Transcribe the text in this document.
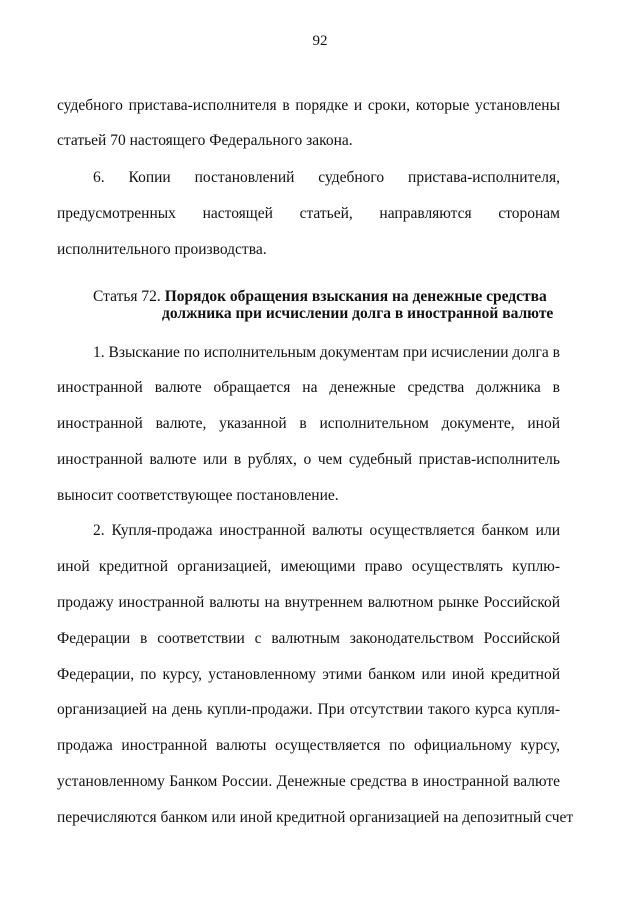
92
судебного пристава-исполнителя в порядке и сроки, которые установлены
статьей 70 настоящего Федерального закона.
6. Копии постановлений судебного пристава-исполнителя,
предусмотренных настоящей статьей, направляются сторонам
исполнительного производства.
Статья 72. Порядок обращения взыскания на денежные средства
должника при исчислении долга в иностранной валюте
1. Взыскание по исполнительным документам при исчислении долга в
иностранной валюте обращается на денежные средства должника в
иностранной валюте, указанной в исполнительном документе, иной
иностранной валюте или в рублях, о чем судебный пристав-исполнитель
выносит соответствующее постановление.
2. Купля-продажа иностранной валюты осуществляется банком или
иной кредитной организацией, имеющими право осуществлять куплю-
продажу иностранной валюты на внутреннем валютном рынке Российской
Федерации в соответствии с валютным законодательством Российской
Федерации, по курсу, установленному этими банком или иной кредитной
организацией на день купли-продажи. При отсутствии такого курса купля-
продажа иностранной валюты осуществляется по официальному курсу,
установленному Банком России. Денежные средства в иностранной валюте
перечисляются банком или иной кредитной организацией на депозитный счет
